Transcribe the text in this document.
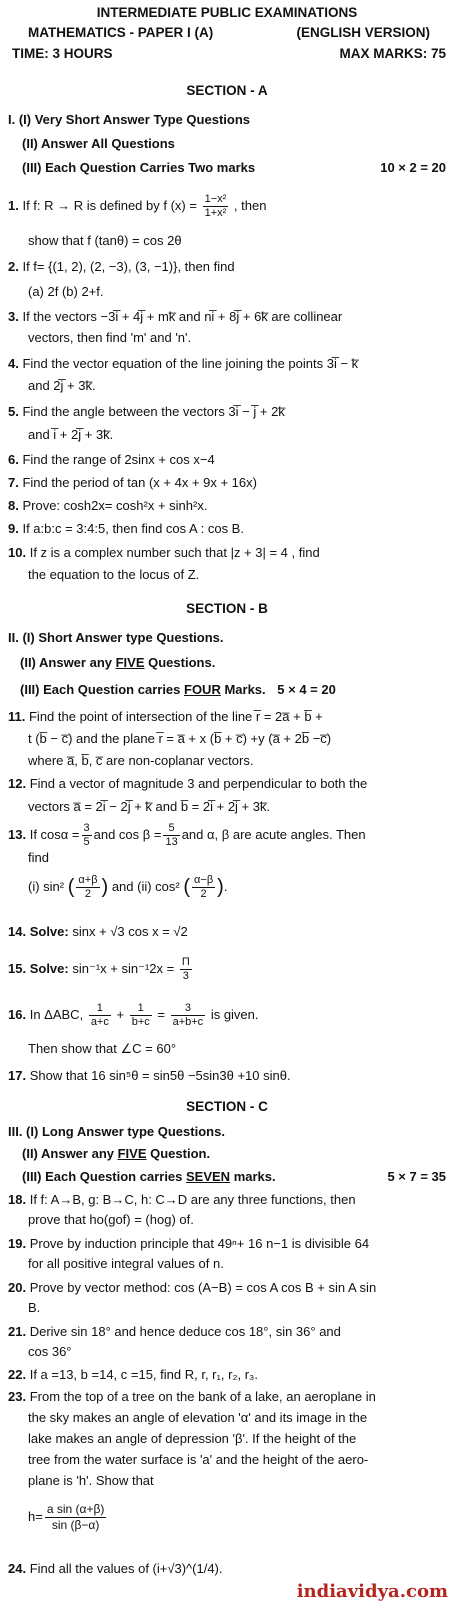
INTERMEDIATE PUBLIC EXAMINATIONS
MATHEMATICS - PAPER I (A)	(ENGLISH VERSION)
TIME: 3 HOURS	MAX MARKS: 75
SECTION - A
I. (I) Very Short Answer Type Questions
(II) Answer All Questions
(III) Each Question Carries Two marks	10 × 2 = 20
1. If f: R → R is defined by f $(x) = \frac{\text{1−x²}}{\text{1+x²}}$ , then
show that f (tanθ) = cos 2θ
2. If f= {(1, 2), (2, −3), (3, −1)}, then find
(a) 2f (b) 2+f.
3. If the vectors −3i̅ + 4j̅ + mk̅ and ni̅ + 8j̅ + 6k̅ are collinear
vectors, then find 'm' and 'n'.
4. Find the vector equation of the line joining the points 3i̅ − k̅
and 2j̅ + 3k̅.
5. Find the angle between the vectors 3i̅ − j̅ + 2k̅
and i̅ + 2j̅ + 3k̅.
6. Find the range of 2sinx + cos x−4
7. Find the period of tan (x + 4x + 9x + 16x)
8. Prove: cosh2x= cosh²x + sinh²x.
9. If a:b:c = 3:4:5, then find cos A : cos B.
10. If z is a complex number such that |z + 3| = 4 , find
the equation to the locus of Z.
SECTION - B
II. (I) Short Answer type Questions.
(II) Answer any FIVE Questions.
(III) Each Question carries FOUR Marks. 5 × 4 = 20
11. Find the point of intersection of the line r̅ = 2a̅ + b̅ +
t (b̅ − c̅) and the plane r̅ = a̅ + x (b̅ + c̅) +y (a̅ + 2b̅ −c̅)
where a̅, b̅, c̅ are non-coplanar vectors.
12. Find a vector of magnitude 3 and perpendicular to both the
vectors a̅ = 2i̅ − 2j̅ + k̅ and b̅ = 2i̅ + 2j̅ + 3k̅.
13. If $\cos\alpha = \frac{3}{5}$ and $\cos \beta = \frac{5}{13}$ and α, β are acute angles. Then
find
(i) sin² ( $\frac{\alpha+\beta}{2}$ ) and (ii) cos² ( $\frac{\alpha-\beta}{2}$ ).
14. Solve: sinx + √3 cos x = √2
15. Solve: $\sin^{-1}x + \sin^{-1}2x = \frac{\Pi}{3}$
16. In ΔABC, $\frac{1}{a+c} + \frac{1}{b+c} = \frac{3}{a+b+c}$ is given.
Then show that ∠C = 60°
17. Show that 16 sin⁵θ = sin5θ −5sin3θ +10 sinθ.
SECTION - C
III. (I) Long Answer type Questions.
(II) Answer any FIVE Question.
(III) Each Question carries SEVEN marks.	5 × 7 = 35
18. If f: A→B, g: B→C, h: C→D are any three functions, then
prove that ho(gof) = (hog) of.
19. Prove by induction principle that 49ⁿ+ 16 n−1 is divisible 64
for all positive integral values of n.
20. Prove by vector method: cos (A−B) = cos A cos B + sin A sin
B.
21. Derive sin 18° and hence deduce cos 18°, sin 36° and
cos 36°
22. If a =13, b =14, c =15, find R, r, r₁, r₂, r₃.
23. From the top of a tree on the bank of a lake, an aeroplane in
the sky makes an angle of elevation 'α' and its image in the
lake makes an angle of depression 'β'. If the height of the
tree from the water surface is 'a' and the height of the aero-
plane is 'h'. Show that
$h= \frac{\text{a sin (α+β)}}{\sin (\beta-\alpha)}$
24. Find all the values of (i+√3)^(1/4).
indiavidya.com
